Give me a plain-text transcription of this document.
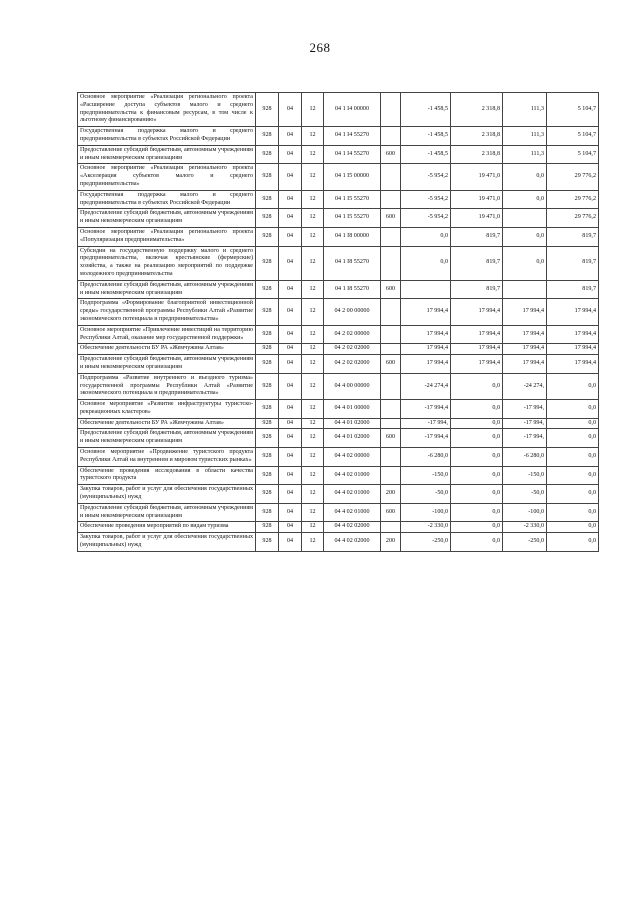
268
Основное мероприятие «Реализация регионального проекта «Расширение доступа субъектов малого и среднего предпринимательства к финансовым ресурсам, в том числе к льготному финансированию»	928	04	12	04 1 I4 00000		-1 458,5	2 318,8	111,3	5 104,7
Государственная поддержка малого и среднего предпринимательства в субъектах Российской Федерации	928	04	12	04 1 I4 55270		-1 458,5	2 318,8	111,3	5 104,7
Предоставление субсидий бюджетным, автономным учреждениям и иным некоммерческим организациям	928	04	12	04 1 I4 55270	600	-1 458,5	2 318,8	111,3	5 104,7
Основное мероприятие «Реализация регионального проекта «Акселерация субъектов малого и среднего предпринимательства»	928	04	12	04 1 I5 00000		-5 954,2	19 471,0	0,0	29 776,2
Государственная поддержка малого и среднего предпринимательства в субъектах Российской Федерации	928	04	12	04 1 I5 55270		-5 954,2	19 471,0	0,0	29 776,2
Предоставление субсидий бюджетным, автономным учреждениям и иным некоммерческим организациям	928	04	12	04 1 I5 55270	600	-5 954,2	19 471,0		29 776,2
Основное мероприятие «Реализация регионального проекта «Популяризация предпринимательства»	928	04	12	04 1 I8 00000		0,0	819,7	0,0	819,7
Субсидии на государственную поддержку малого и среднего предпринимательства, включая крестьянские (фермерские) хозяйства, а также на реализацию мероприятий по поддержке молодежного предпринимательства	928	04	12	04 1 I8 55270		0,0	819,7	0,0	819,7
Предоставление субсидий бюджетным, автономным учреждениям и иным некоммерческим организациям	928	04	12	04 1 I8 55270	600		819,7		819,7
Подпрограмма «Формирование благоприятной инвестиционной среды» государственной программы Республики Алтай «Развитие экономического потенциала и предпринимательства»	928	04	12	04 2 00 00000		17 994,4	17 994,4	17 994,4	17 994,4
Основное мероприятие «Привлечение инвестиций на территорию Республики Алтай, оказание мер государственной поддержки»	928	04	12	04 2 02 00000		17 994,4	17 994,4	17 994,4	17 994,4
Обеспечение деятельности БУ РА «Жемчужина Алтая»	928	04	12	04 2 02 02000		17 994,4	17 994,4	17 994,4	17 994,4
Предоставление субсидий бюджетным, автономным учреждениям и иным некоммерческим организациям	928	04	12	04 2 02 02000	600	17 994,4	17 994,4	17 994,4	17 994,4
Подпрограмма «Развитие внутреннего и въездного туризма» государственной программы Республики Алтай «Развитие экономического потенциала и предпринимательства»	928	04	12	04 4 00 00000		-24 274,4	0,0	-24 274,	0,0
Основное мероприятие «Развитие инфраструктуры туристско-рекреационных кластеров»	928	04	12	04 4 01 00000		-17 994,4	0,0	-17 994,	0,0
Обеспечение деятельности БУ РА «Жемчужина Алтая»	928	04	12	04 4 01 02000		-17 994,	0,0	-17 994,	0,0
Предоставление субсидий бюджетным, автономным учреждениям и иным некоммерческим организациям	928	04	12	04 4 01 02000	600	-17 994,4	0,0	-17 994,	0,0
Основное мероприятие «Продвижение туристского продукта Республики Алтай на внутреннем и мировом туристских рынках»	928	04	12	04 4 02 00000		-6 280,0	0,0	-6 280,0	0,0
Обеспечение проведения исследования в области качества туристского продукта	928	04	12	04 4 02 01000		-150,0	0,0	-150,0	0,0
Закупка товаров, работ и услуг для обеспечения государственных (муниципальных) нужд	928	04	12	04 4 02 01000	200	-50,0	0,0	-50,0	0,0
Предоставление субсидий бюджетным, автономным учреждениям и иным некоммерческим организациям	928	04	12	04 4 02 01000	600	-100,0	0,0	-100,0	0,0
Обеспечение проведения мероприятий по видам туризма	928	04	12	04 4 02 02000		-2 330,0	0,0	-2 330,0	0,0
Закупка товаров, работ и услуг для обеспечения государственных (муниципальных) нужд	928	04	12	04 4 02 02000	200	-250,0	0,0	-250,0	0,0
